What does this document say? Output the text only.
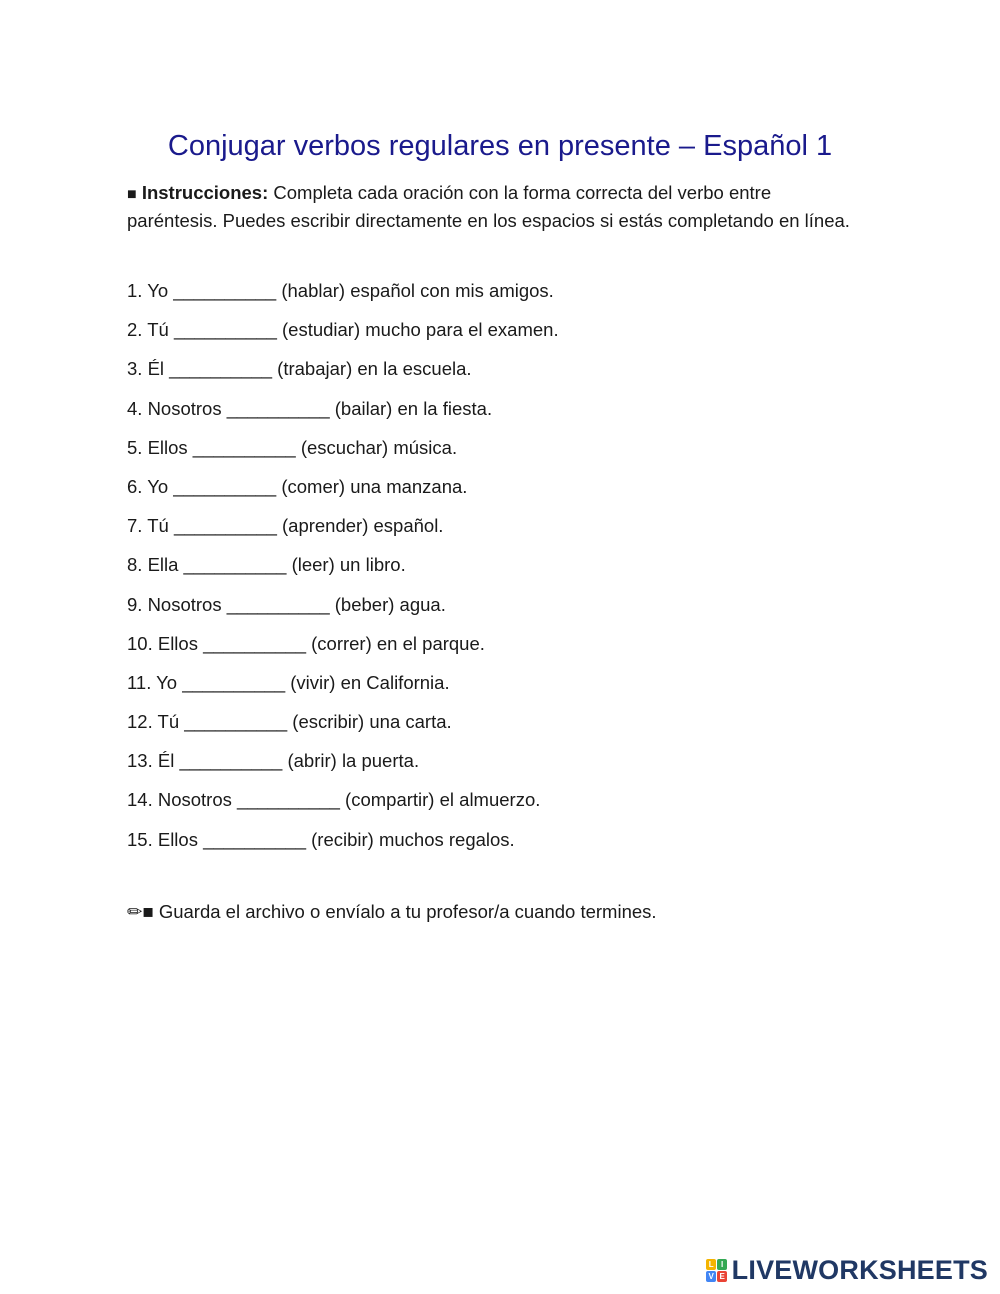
Conjugar verbos regulares en presente – Español 1

■ Instrucciones: Completa cada oración con la forma correcta del verbo entre paréntesis. Puedes escribir directamente en los espacios si estás completando en línea.

1. Yo __________ (hablar) español con mis amigos.
2. Tú __________ (estudiar) mucho para el examen.
3. Él __________ (trabajar) en la escuela.
4. Nosotros __________ (bailar) en la fiesta.
5. Ellos __________ (escuchar) música.
6. Yo __________ (comer) una manzana.
7. Tú __________ (aprender) español.
8. Ella __________ (leer) un libro.
9. Nosotros __________ (beber) agua.
10. Ellos __________ (correr) en el parque.
11. Yo __________ (vivir) en California.
12. Tú __________ (escribir) una carta.
13. Él __________ (abrir) la puerta.
14. Nosotros __________ (compartir) el almuerzo.
15. Ellos __________ (recibir) muchos regalos.

✏■ Guarda el archivo o envíalo a tu profesor/a cuando termines.

L I
V E LIVEWORKSHEETS
